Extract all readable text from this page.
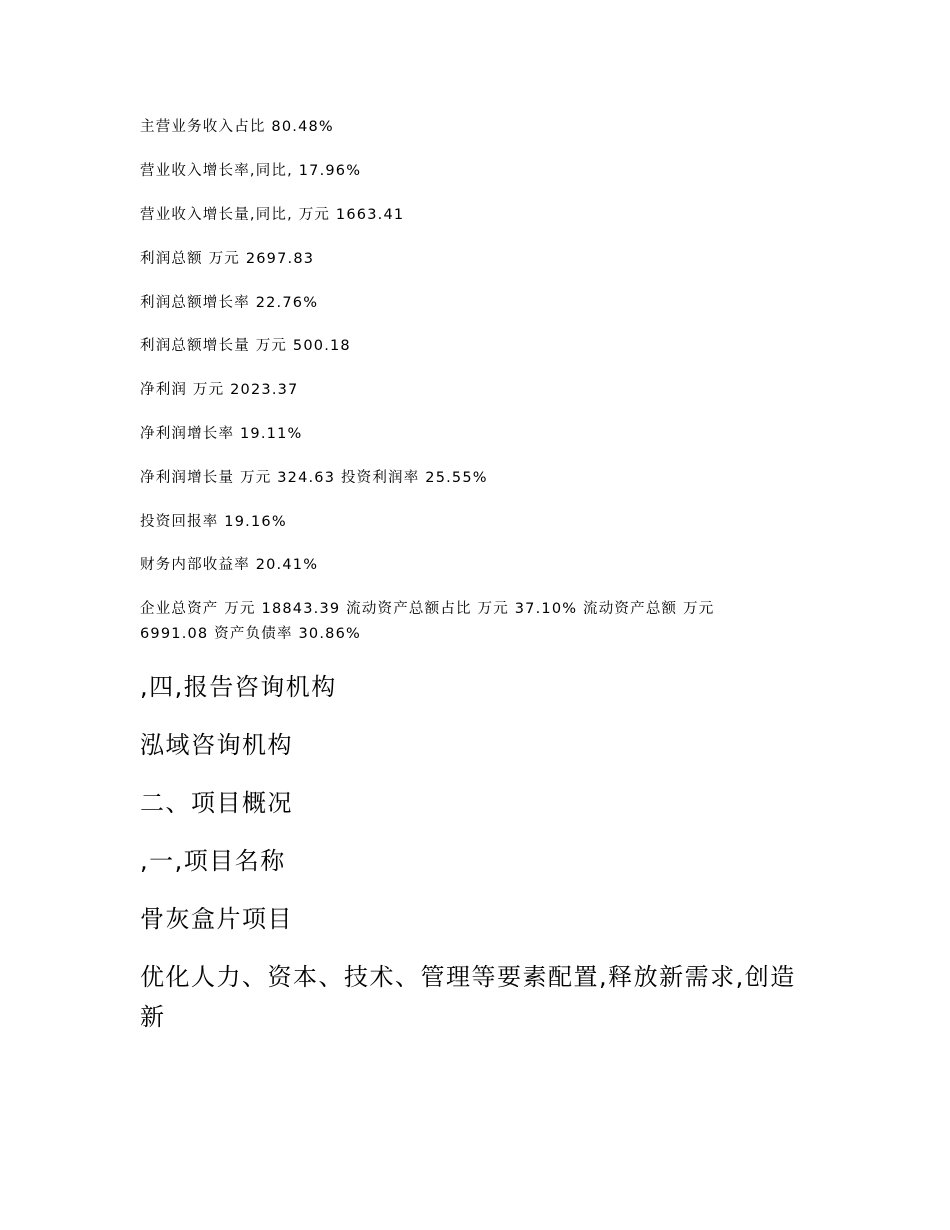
主营业务收入占比 80.48%
营业收入增长率,同比, 17.96%
营业收入增长量,同比, 万元 1663.41
利润总额 万元 2697.83
利润总额增长率 22.76%
利润总额增长量 万元 500.18
净利润 万元 2023.37
净利润增长率 19.11%
净利润增长量 万元 324.63 投资利润率 25.55%
投资回报率 19.16%
财务内部收益率 20.41%
企业总资产 万元 18843.39 流动资产总额占比 万元 37.10% 流动资产总额 万元 6991.08 资产负债率 30.86%
,四,报告咨询机构
泓域咨询机构
二、项目概况
,一,项目名称
骨灰盒片项目
优化人力、资本、技术、管理等要素配置,释放新需求,创造新
